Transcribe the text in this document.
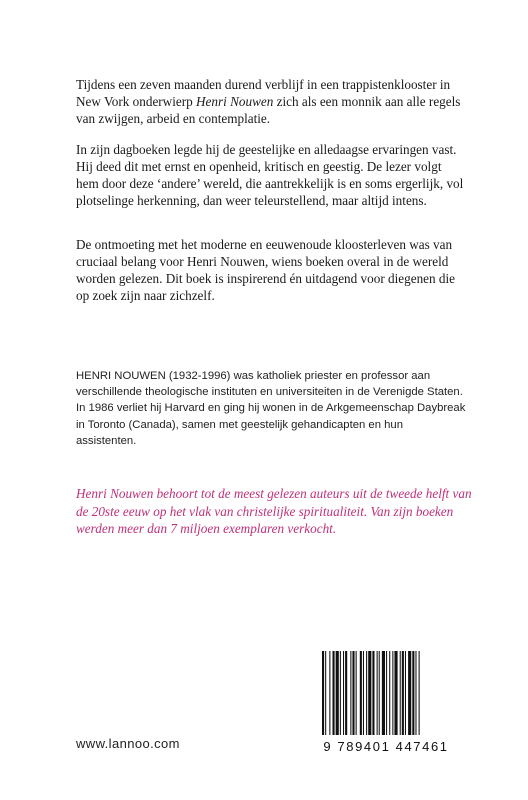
Tijdens een zeven maanden durend verblijf in een trappistenklooster in New Vork onderwierp Henri Nouwen zich als een monnik aan alle regels van zwijgen, arbeid en contemplatie.

In zijn dagboeken legde hij de geestelijke en alledaagse ervaringen vast. Hij deed dit met ernst en openheid, kritisch en geestig. De lezer volgt hem door deze ‘andere’ wereld, die aantrekkelijk is en soms ergerlijk, vol plotselinge herkenning, dan weer teleurstellend, maar altijd intens.

De ontmoeting met het moderne en eeuwenoude kloosterleven was van cruciaal belang voor Henri Nouwen, wiens boeken overal in de wereld worden gelezen. Dit boek is inspirerend én uitdagend voor diegenen die op zoek zijn naar zichzelf.

HENRI NOUWEN (1932-1996) was katholiek priester en professor aan verschillende theologische instituten en universiteiten in de Verenigde Staten. In 1986 verliet hij Harvard en ging hij wonen in de Arkgemeenschap Daybreak in Toronto (Canada), samen met geestelijk gehandicapten en hun assistenten.

Henri Nouwen behoort tot de meest gelezen auteurs uit de tweede helft van de 20ste eeuw op het vlak van christelijke spiritualiteit. Van zijn boeken werden meer dan 7 miljoen exemplaren verkocht.

www.lannoo.com	9 789401 447461
